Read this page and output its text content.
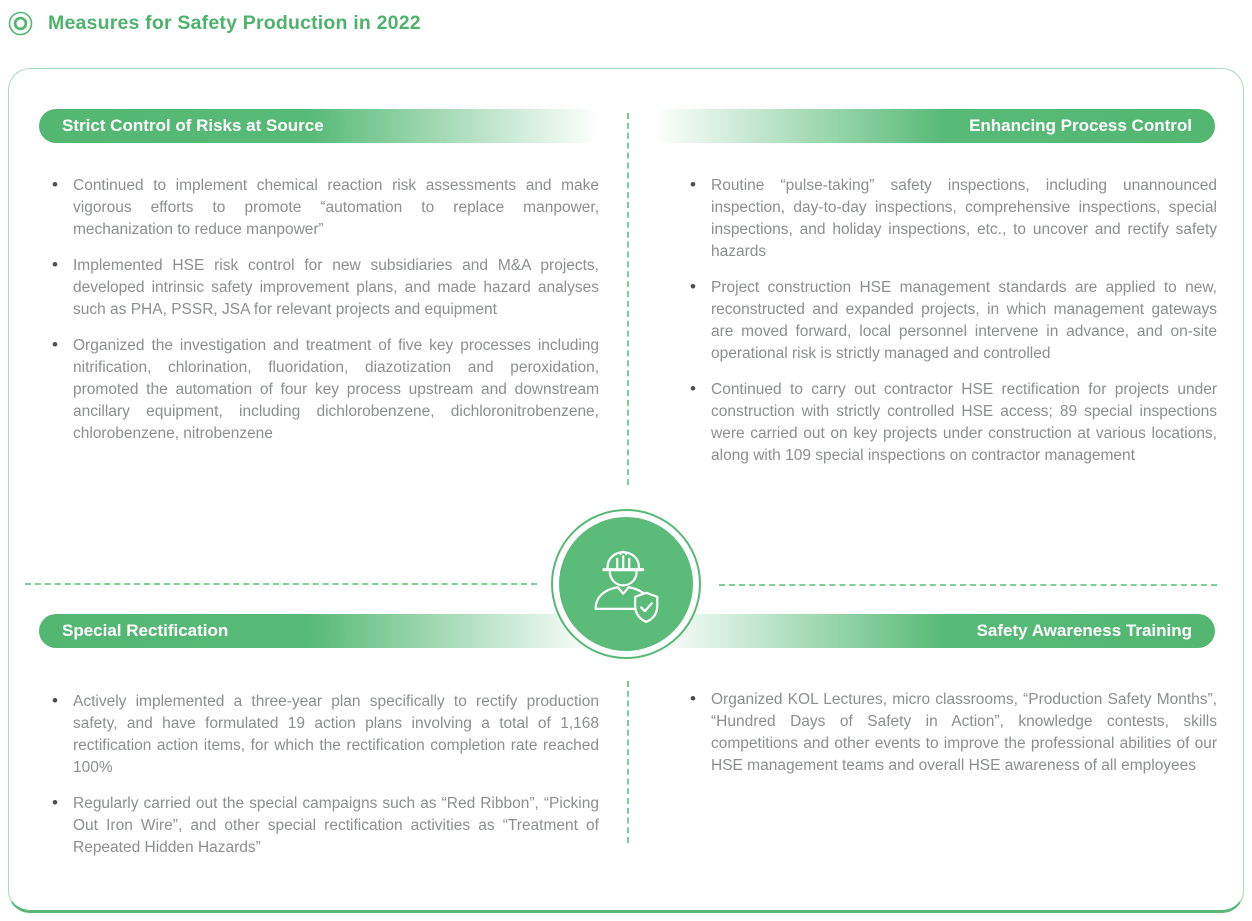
Measures for Safety Production in 2022
Strict Control of Risks at Source	Enhancing Process Control
Special Rectification	Safety Awareness Training
• Continued to implement chemical reaction risk assessments and make vigorous efforts to promote “automation to replace manpower, mechanization to reduce manpower”
• Implemented HSE risk control for new subsidiaries and M&A projects, developed intrinsic safety improvement plans, and made hazard analyses such as PHA, PSSR, JSA for relevant projects and equipment
• Organized the investigation and treatment of five key processes including nitrification, chlorination, fluoridation, diazotization and peroxidation, promoted the automation of four key process upstream and downstream ancillary equipment, including dichlorobenzene, dichloronitrobenzene, chlorobenzene, nitrobenzene
• Routine “pulse-taking” safety inspections, including unannounced inspection, day-to-day inspections, comprehensive inspections, special inspections, and holiday inspections, etc., to uncover and rectify safety hazards
• Project construction HSE management standards are applied to new, reconstructed and expanded projects, in which management gateways are moved forward, local personnel intervene in advance, and on-site operational risk is strictly managed and controlled
• Continued to carry out contractor HSE rectification for projects under construction with strictly controlled HSE access; 89 special inspections were carried out on key projects under construction at various locations, along with 109 special inspections on contractor management
• Actively implemented a three-year plan specifically to rectify production safety, and have formulated 19 action plans involving a total of 1,168 rectification action items, for which the rectification completion rate reached 100%
• Regularly carried out the special campaigns such as “Red Ribbon”, “Picking Out Iron Wire”, and other special rectification activities as “Treatment of Repeated Hidden Hazards”
• Organized KOL Lectures, micro classrooms, “Production Safety Months”, “Hundred Days of Safety in Action”, knowledge contests, skills competitions and other events to improve the professional abilities of our HSE management teams and overall HSE awareness of all employees
